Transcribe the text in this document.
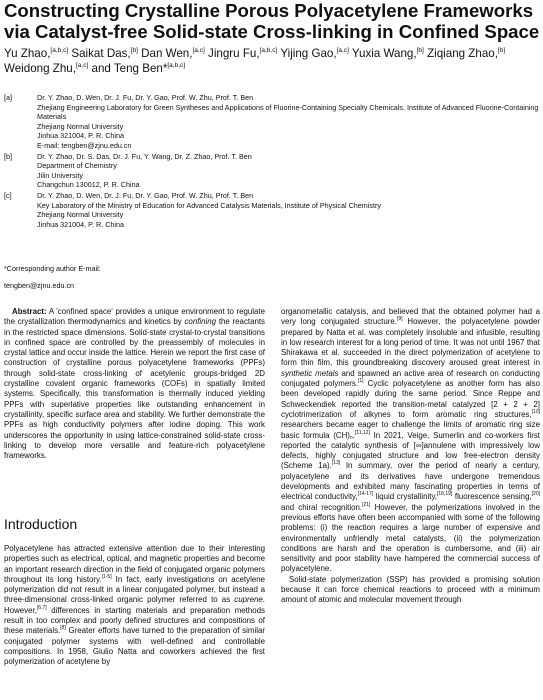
Constructing Crystalline Porous Polyacetylene Frameworks via Catalyst-free Solid-state Cross-linking in Confined Space

Yu Zhao,[a,b,c] Saikat Das,[b] Dan Wen,[a,c] Jingru Fu,[a,b,c] Yijing Gao,[a,c] Yuxia Wang,[b] Ziqiang Zhao,[b] Weidong Zhu,[a,c] and Teng Ben*[a,b,c]

[a]	Dr. Y. Zhao, D. Wen, Dr. J. Fu, Dr. Y. Gao, Prof. W. Zhu, Prof. T. Ben
Zhejiang Engineering Laboratory for Green Syntheses and Applications of Fluorine-Containing Specialty Chemicals, Institute of Advanced Fluorine-Containing Materials
Zhejiang Normal University
Jinhua 321004, P. R. China
E-mail: tengben@zjnu.edu.cn
[b]	Dr. Y. Zhao, Dr. S. Das, Dr. J. Fu, Y. Wang, Dr. Z. Zhao, Prof. T. Ben
Department of Chemistry
Jilin University
Changchun 130012, P. R. China
[c]	Dr. Y. Zhao, D. Wen, Dr. J. Fu, Dr. Y. Gao, Prof. W. Zhu, Prof. T. Ben
Key Laboratory of the Ministry of Education for Advanced Catalysis Materials, Institute of Physical Chemistry
Zhejiang Normal University
Jinhua 321004, P. R. China
*Corresponding author E-mail:
tengben@zjnu.edu.cn

Abstract: A 'confined space' provides a unique environment to regulate the crystallization thermodynamics and kinetics by confining the reactants in the restricted space dimensions. Solid-state crystal-to-crystal transitions in confined space are controlled by the preassembly of molecules in crystal lattice and occur inside the lattice. Herein we report the first case of construction of crystalline porous polyacetylene frameworks (PPFs) through solid-state cross-linking of acetylenic groups-bridged 2D crystalline covalent organic frameworks (COFs) in spatially limited systems. Specifically, this transformation is thermally induced yielding PPFs with superlative properties like outstanding enhancement in crystallinity, specific surface area and stability. We further demonstrate the PPFs as high conductivity polymers after iodine doping. This work underscores the opportunity in using lattice-constrained solid-state cross-linking to develop more versatile and feature-rich polyacetylene frameworks.

Introduction

Polyacetylene has attracted extensive attention due to their interesting properties such as electrical, optical, and magnetic properties and become an important research direction in the field of conjugated organic polymers throughout its long history.[1-5] In fact, early investigations on acetylene polymerization did not result in a linear conjugated polymer, but instead a three-dimensional cross-linked organic polymer referred to as cuprene. However,[6,7] differences in starting materials and preparation methods result in too complex and poorly defined structures and compositions of these materials.[8] Greater efforts have turned to the preparation of similar conjugated polymer systems with well-defined and controllable compositions. In 1958, Giulio Natta and coworkers achieved the first polymerization of acetylene by

organometallic catalysis, and believed that the obtained polymer had a very long conjugated structure.[9] However, the polyacetylene powder prepared by Natta et al. was completely insoluble and infusible, resulting in low research interest for a long period of time. It was not until 1967 that Shirakawa et al. succeeded in the direct polymerization of acetylene to form thin film, this groundbreaking discovery aroused great interest in synthetic metals and spawned an active area of research on conducting conjugated polymers.[1] Cyclic polyacetylene as another form has also been developed rapidly during the same period. Since Reppe and Schweckendiek reported the transition-metal catalyzed [2 + 2 + 2] cyclotrimerization of alkynes to form aromatic ring structures,[10] researchers became eager to challenge the limits of aromatic ring size basic formula $(CH)_n.[11,12]$ In 2021, Veige, Sumerlin and co-workers first reported the catalytic synthesis of [∞]annulene with impressively low defects, highly conjugated structure and low free-electron density (Scheme 1a).[13] In summary, over the period of nearly a century, polyacetylene and its derivatives have undergone tremendous developments and exhibited many fascinating properties in terms of electrical conductivity,[14-17] liquid crystallinity,[18,19] fluorescence sensing,[20] and chiral recognition.[21] However, the polymerizations involved in the previous efforts have often been accompanied with some of the following problems: (i) the reaction requires a large number of expensive and environmentally unfriendly metal catalysts, (ii) the polymerization conditions are harsh and the operation is cumbersome, and (iii) air sensitivity and poor stability have hampered the commercial success of polyacetylene.

Solid-state polymerization (SSP) has provided a promising solution because it can force chemical reactions to proceed with a minimum amount of atomic and molecular movement through
